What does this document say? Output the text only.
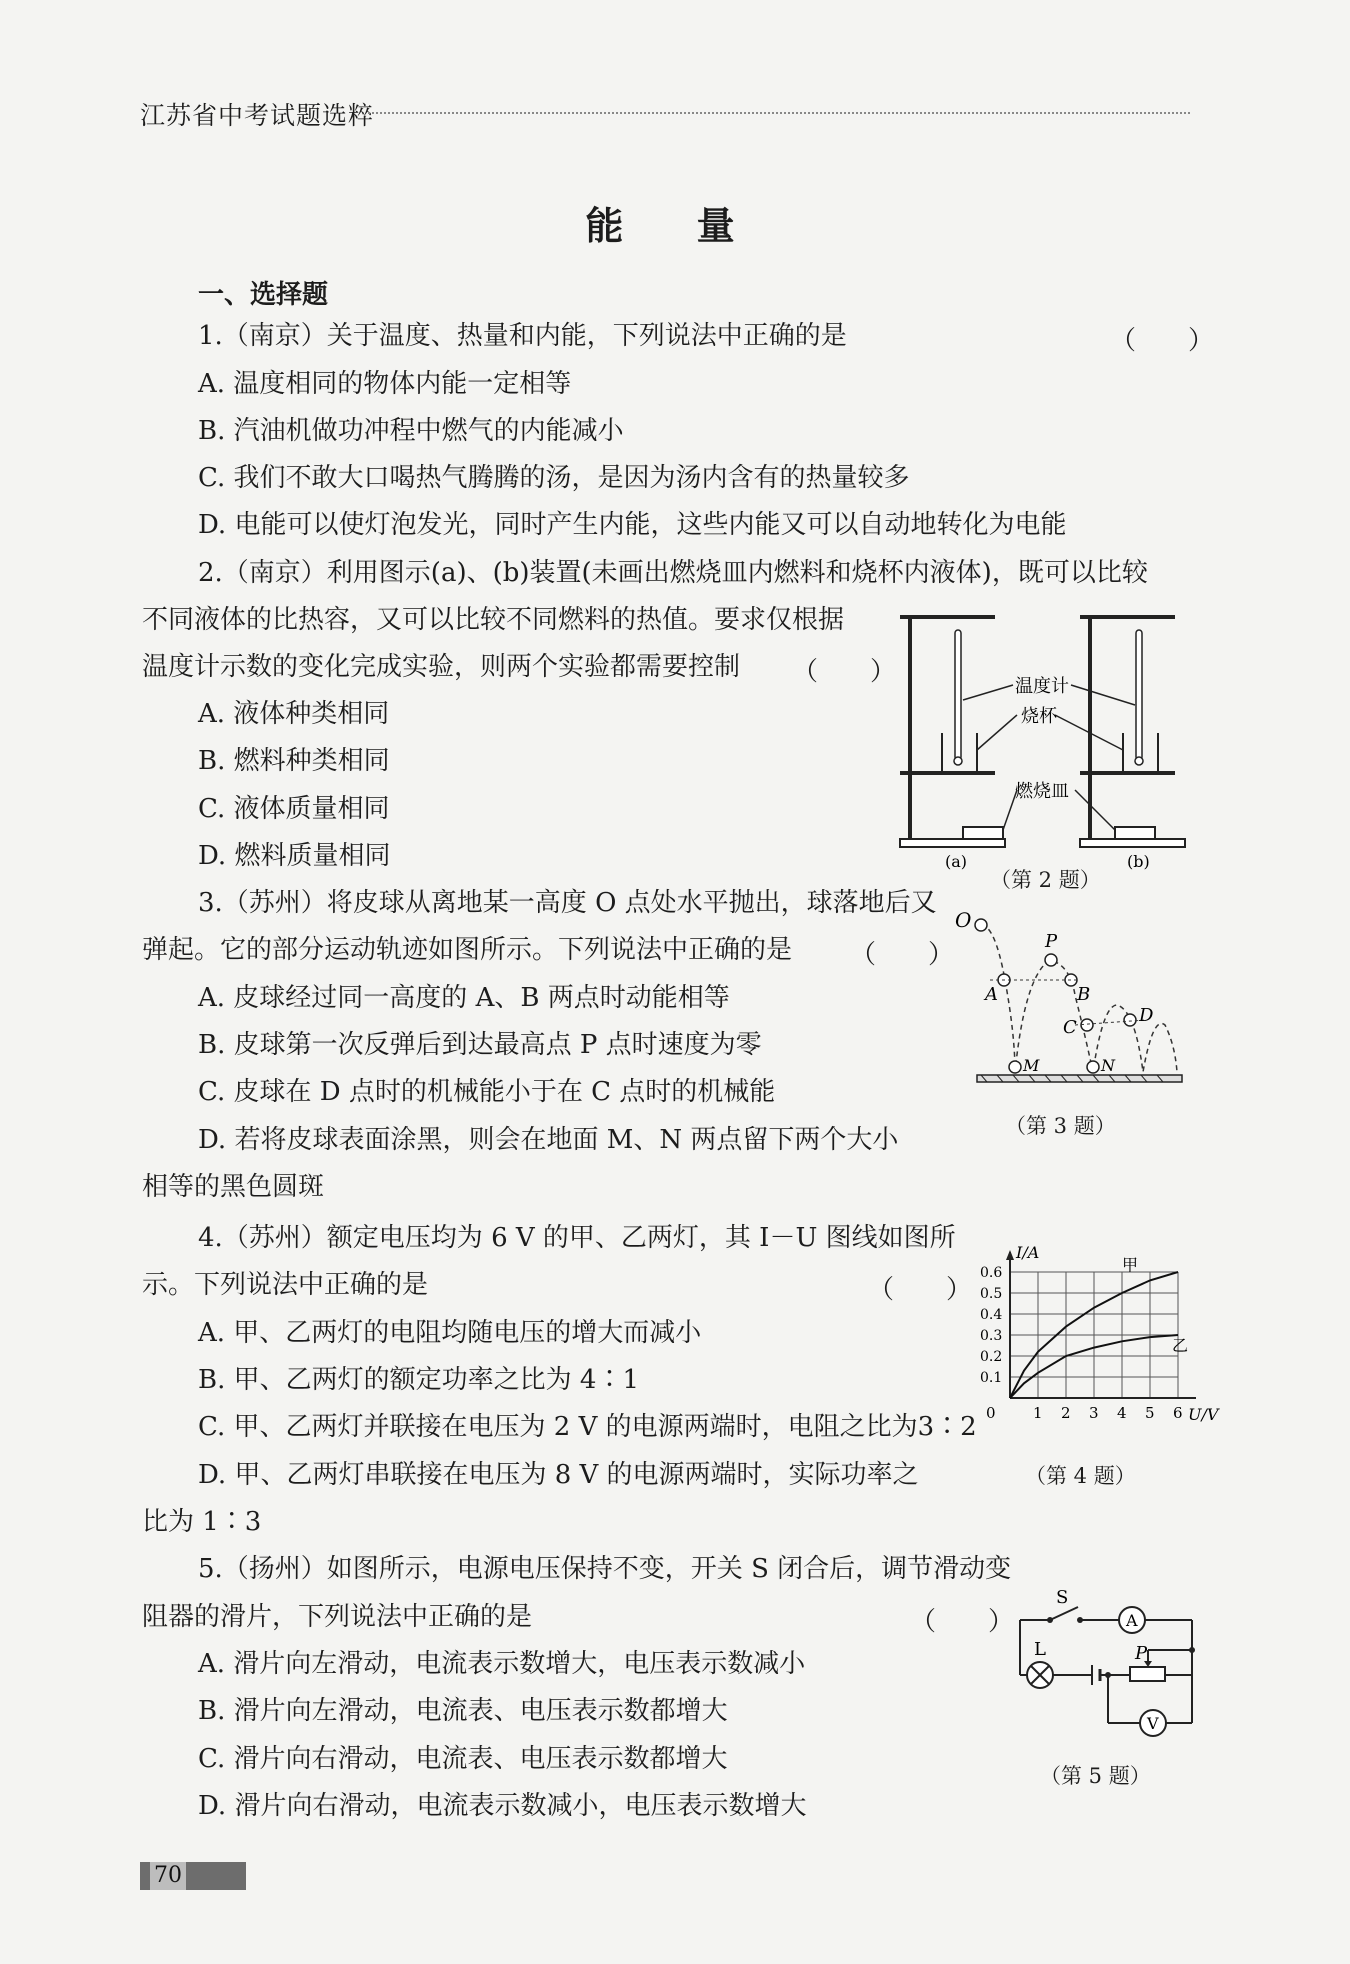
江苏省中考试题选粹
能 量
一、选择题
1.（南京）关于温度、热量和内能，下列说法中正确的是	（　　）
A. 温度相同的物体内能一定相等
B. 汽油机做功冲程中燃气的内能减小
C. 我们不敢大口喝热气腾腾的汤，是因为汤内含有的热量较多
D. 电能可以使灯泡发光，同时产生内能，这些内能又可以自动地转化为电能
2.（南京）利用图示(a)、(b)装置(未画出燃烧皿内燃料和烧杯内液体)，既可以比较
不同液体的比热容，又可以比较不同燃料的热值。要求仅根据
温度计示数的变化完成实验，则两个实验都需要控制 （　　）
A. 液体种类相同
B. 燃料种类相同
C. 液体质量相同
D. 燃料质量相同
温度计
烧杯
燃烧皿
(a)	(b)
（第 2 题）
3.（苏州）将皮球从离地某一高度 O 点处水平抛出，球落地后又
弹起。它的部分运动轨迹如图所示。下列说法中正确的是 （　　）
A. 皮球经过同一高度的 A、B 两点时动能相等
B. 皮球第一次反弹后到达最高点 P 点时速度为零
C. 皮球在 D 点时的机械能小于在 C 点时的机械能
D. 若将皮球表面涂黑，则会在地面 M、N 两点留下两个大小
相等的黑色圆斑
O
P
A	B
C
D
M	N
（第 3 题）
4.（苏州）额定电压均为 6 V 的甲、乙两灯，其 I－U 图线如图所
示。下列说法中正确的是	（　　）
A. 甲、乙两灯的电阻均随电压的增大而减小
B. 甲、乙两灯的额定功率之比为 4∶1
C. 甲、乙两灯并联接在电压为 2 V 的电源两端时，电阻之比为3∶2
D. 甲、乙两灯串联接在电压为 8 V 的电源两端时，实际功率之
比为 1∶3
甲
乙
1 2 3 4 5 6
0.1
0.2
0.3
0.4
0.5
0.6
0	U/V
I/A
（第 4 题）
5.（扬州）如图所示，电源电压保持不变，开关 S 闭合后，调节滑动变
阻器的滑片，下列说法中正确的是	（　　）
A. 滑片向左滑动，电流表示数增大，电压表示数减小
B. 滑片向左滑动，电流表、电压表示数都增大
C. 滑片向右滑动，电流表、电压表示数都增大
D. 滑片向右滑动，电流表示数减小，电压表示数增大
S
A
L	P
V
（第 5 题）
70
